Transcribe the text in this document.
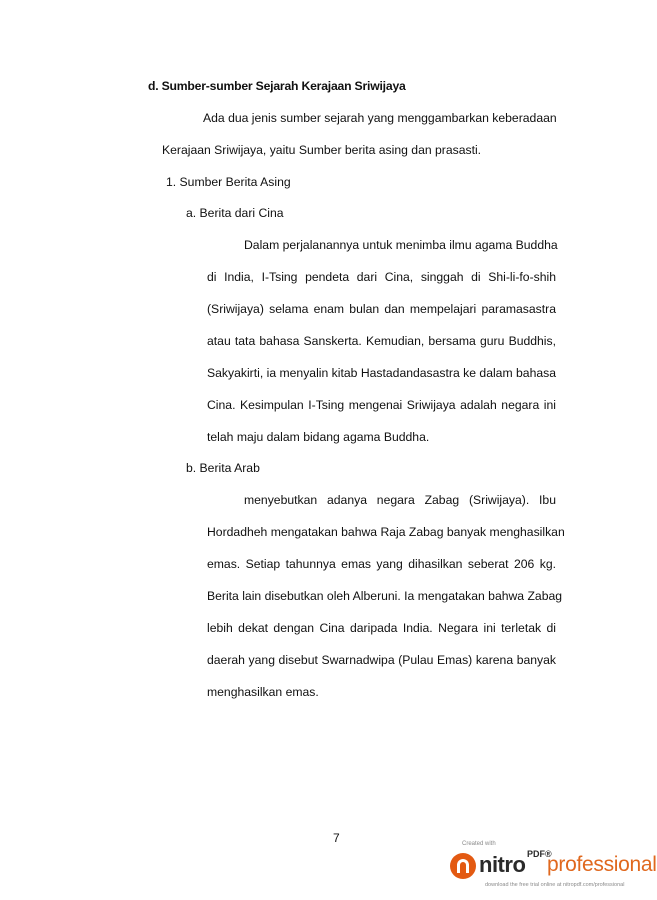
d. Sumber-sumber Sejarah Kerajaan Sriwijaya

Ada dua jenis sumber sejarah yang menggambarkan keberadaan

Kerajaan Sriwijaya, yaitu Sumber berita asing dan prasasti.

1. Sumber Berita Asing

a. Berita dari Cina

Dalam perjalanannya untuk menimba ilmu agama Buddha

di India, I-Tsing pendeta dari Cina, singgah di Shi-li-fo-shih

(Sriwijaya) selama enam bulan dan mempelajari paramasastra

atau tata bahasa Sanskerta. Kemudian, bersama guru Buddhis,

Sakyakirti, ia menyalin kitab Hastadandasastra ke dalam bahasa

Cina. Kesimpulan I-Tsing mengenai Sriwijaya adalah negara ini

telah maju dalam bidang agama Buddha.

b. Berita Arab

menyebutkan adanya negara Zabag (Sriwijaya). Ibu

Hordadheh mengatakan bahwa Raja Zabag banyak menghasilkan

emas. Setiap tahunnya emas yang dihasilkan seberat 206 kg.

Berita lain disebutkan oleh Alberuni. Ia mengatakan bahwa Zabag

lebih dekat dengan Cina daripada India. Negara ini terletak di

daerah yang disebut Swarnadwipa (Pulau Emas) karena banyak

menghasilkan emas.

7	Created with
nitro PDF®
professional
download the free trial online at nitropdf.com/professional
